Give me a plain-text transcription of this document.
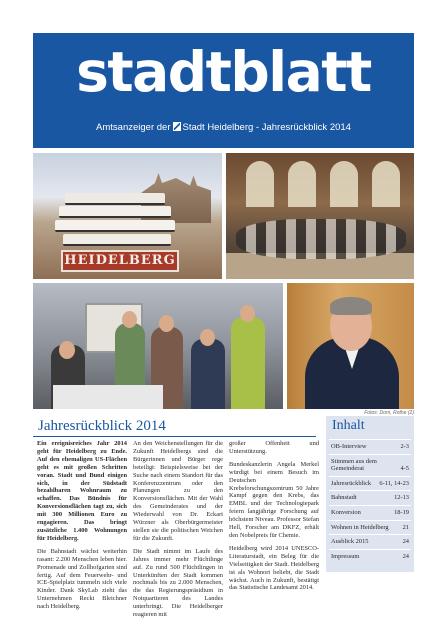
stadtblatt
Amtsanzeiger der Stadt Heidelberg - Jahresrückblick 2014
HEIDELBERG
Fotos: Dorn, Rothe (2)
Jahresrückblick 2014

Ein ereignisreiches Jahr 2014 geht für Heidelberg zu Ende. Auf den ehemaligen US-Flächen geht es mit großen Schritten voran. Stadt und Bund einigen sich, in der Südstadt bezahlbaren Wohnraum zu schaffen. Das Bündnis für Konversionsflächen tagt zu, sich mit 300 Millionen Euro zu engagieren. Das bringt zusätzliche 1.400 Wohnungen für Heidelberg.

Die Bahnstadt wächst weiterhin rasant: 2.200 Menschen leben hier. Promenade und Zollhofgarten sind fertig. Auf dem Feuerwehr- und ICE-Spielplatz tummeln sich viele Kinder. Dank SkyLab zieht das Unternehmen Recki Bleichner nach Heidelberg.

An den Weichenstellungen für die Zukunft Heidelbergs sind die Bürgerinnen und Bürger rege beteiligt: Beispielsweise bei der Suche nach einem Standort für das Konferenzzentrum oder den Planungen zu den Konversionsflächen. Mit der Wahl des Gemeinderates und der Wiederwahl von Dr. Eckart Würzner als Oberbürgermeister stellen sie die politischen Weichen für die Zukunft.

Die Stadt nimmt im Laufe des Jahres immer mehr Flüchtlinge auf. Zu rund 500 Flüchtlingen in Unterkünften der Stadt kommen nochmals bis zu 2.000 Menschen, die das Regierungspräsidium in Notquartieren des Landes unterbringt. Die Heidelberger reagieren mit

großer Offenheit und Unterstützung.

Bundeskanzlerin Angela Merkel würdigt bei einem Besuch im Deutschen Krebsforschungszentrum 50 Jahre Kampf gegen den Krebs, das EMBL und der Technologiepark feiern langjährige Forschung auf höchstem Niveau. Professor Stefan Hell, Forscher am DKFZ, erhält den Nobelpreis für Chemie.

Heidelberg wird 2014 UNESCO-Literaturstadt, ein Beleg für die Vielseitigkeit der Stadt. Heidelberg ist als Wohnort beliebt, die Stadt wächst. Auch in Zukunft, bestätigt das Statistische Landesamt 2014.

Inhalt
OB-Interview	2-3
Stimmen aus dem Gemeinderat	4-5
Jahresrückblick 6-11, 14-23
Bahnstadt	12-13
Konversion	18-19
Wohnen in Heidelberg 21
Ausblick 2015	24
Impressum	24
